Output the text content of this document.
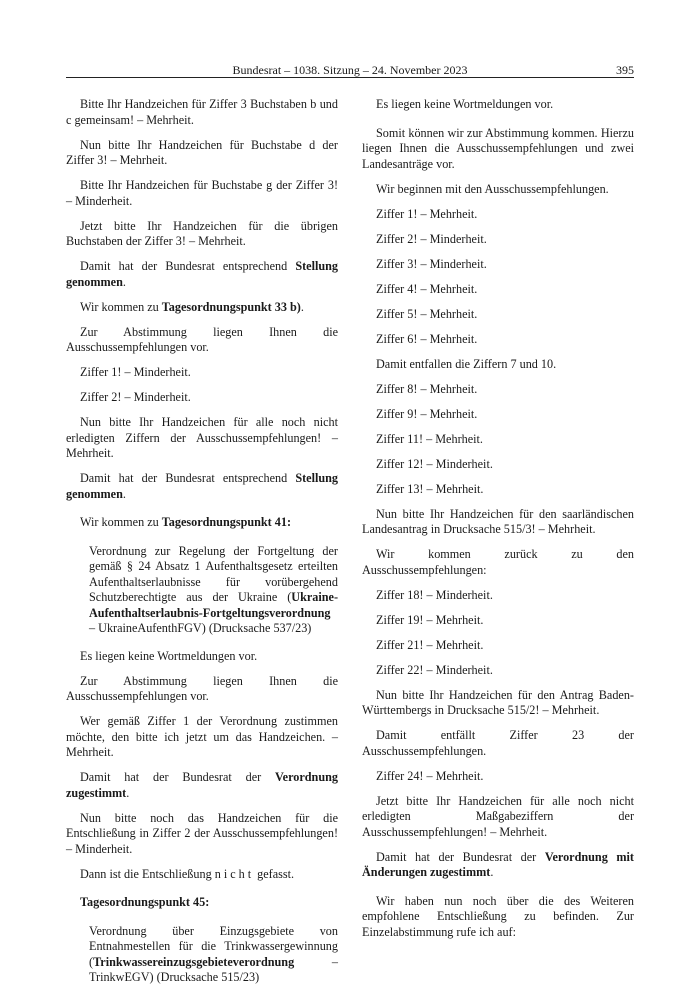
Bundesrat – 1038. Sitzung – 24. November 2023	395

Bitte Ihr Handzeichen für Ziffer 3 Buchstaben b und c gemeinsam! – Mehrheit.

Nun bitte Ihr Handzeichen für Buchstabe d der Ziffer 3! – Mehrheit.

Bitte Ihr Handzeichen für Buchstabe g der Ziffer 3! – Minderheit.

Jetzt bitte Ihr Handzeichen für die übrigen Buchstaben der Ziffer 3! – Mehrheit.

Damit hat der Bundesrat entsprechend Stellung genommen.

Wir kommen zu Tagesordnungspunkt 33 b).

Zur Abstimmung liegen Ihnen die Ausschussempfehlungen vor.

Ziffer 1! – Minderheit.

Ziffer 2! – Minderheit.

Nun bitte Ihr Handzeichen für alle noch nicht erledigten Ziffern der Ausschussempfehlungen! – Mehrheit.

Damit hat der Bundesrat entsprechend Stellung genommen.

Wir kommen zu Tagesordnungspunkt 41:

Verordnung zur Regelung der Fortgeltung der gemäß § 24 Absatz 1 Aufenthaltsgesetz erteilten Aufenthaltserlaubnisse für vorübergehend Schutzberechtigte aus der Ukraine (Ukraine-Aufenthaltserlaubnis-Fortgeltungsverordnung – UkraineAufenthFGV) (Drucksache 537/23)

Es liegen keine Wortmeldungen vor.

Zur Abstimmung liegen Ihnen die Ausschussempfehlungen vor.

Wer gemäß Ziffer 1 der Verordnung zustimmen möchte, den bitte ich jetzt um das Handzeichen. – Mehrheit.

Damit hat der Bundesrat der Verordnung zugestimmt.

Nun bitte noch das Handzeichen für die Entschließung in Ziffer 2 der Ausschussempfehlungen! – Minderheit.

Dann ist die Entschließung nicht gefasst.

Tagesordnungspunkt 45:

Verordnung über Einzugsgebiete von Entnahmestellen für die Trinkwassergewinnung (Trinkwassereinzugsgebieteverordnung – TrinkwEGV) (Drucksache 515/23)

Es liegen keine Wortmeldungen vor.

Somit können wir zur Abstimmung kommen. Hierzu liegen Ihnen die Ausschussempfehlungen und zwei Landesanträge vor.

Wir beginnen mit den Ausschussempfehlungen.

Ziffer 1! – Mehrheit.

Ziffer 2! – Minderheit.

Ziffer 3! – Minderheit.

Ziffer 4! – Mehrheit.

Ziffer 5! – Mehrheit.

Ziffer 6! – Mehrheit.

Damit entfallen die Ziffern 7 und 10.

Ziffer 8! – Mehrheit.

Ziffer 9! – Mehrheit.

Ziffer 11! – Mehrheit.

Ziffer 12! – Minderheit.

Ziffer 13! – Mehrheit.

Nun bitte Ihr Handzeichen für den saarländischen Landesantrag in Drucksache 515/3! – Mehrheit.

Wir kommen zurück zu den Ausschussempfehlungen:

Ziffer 18! – Minderheit.

Ziffer 19! – Mehrheit.

Ziffer 21! – Mehrheit.

Ziffer 22! – Minderheit.

Nun bitte Ihr Handzeichen für den Antrag Baden-Württembergs in Drucksache 515/2! – Mehrheit.

Damit entfällt Ziffer 23 der Ausschussempfehlungen.

Ziffer 24! – Mehrheit.

Jetzt bitte Ihr Handzeichen für alle noch nicht erledigten Maßgabeziffern der Ausschussempfehlungen! – Mehrheit.

Damit hat der Bundesrat der Verordnung mit Änderungen zugestimmt.

Wir haben nun noch über die des Weiteren empfohlene Entschließung zu befinden. Zur Einzelabstimmung rufe ich auf:
